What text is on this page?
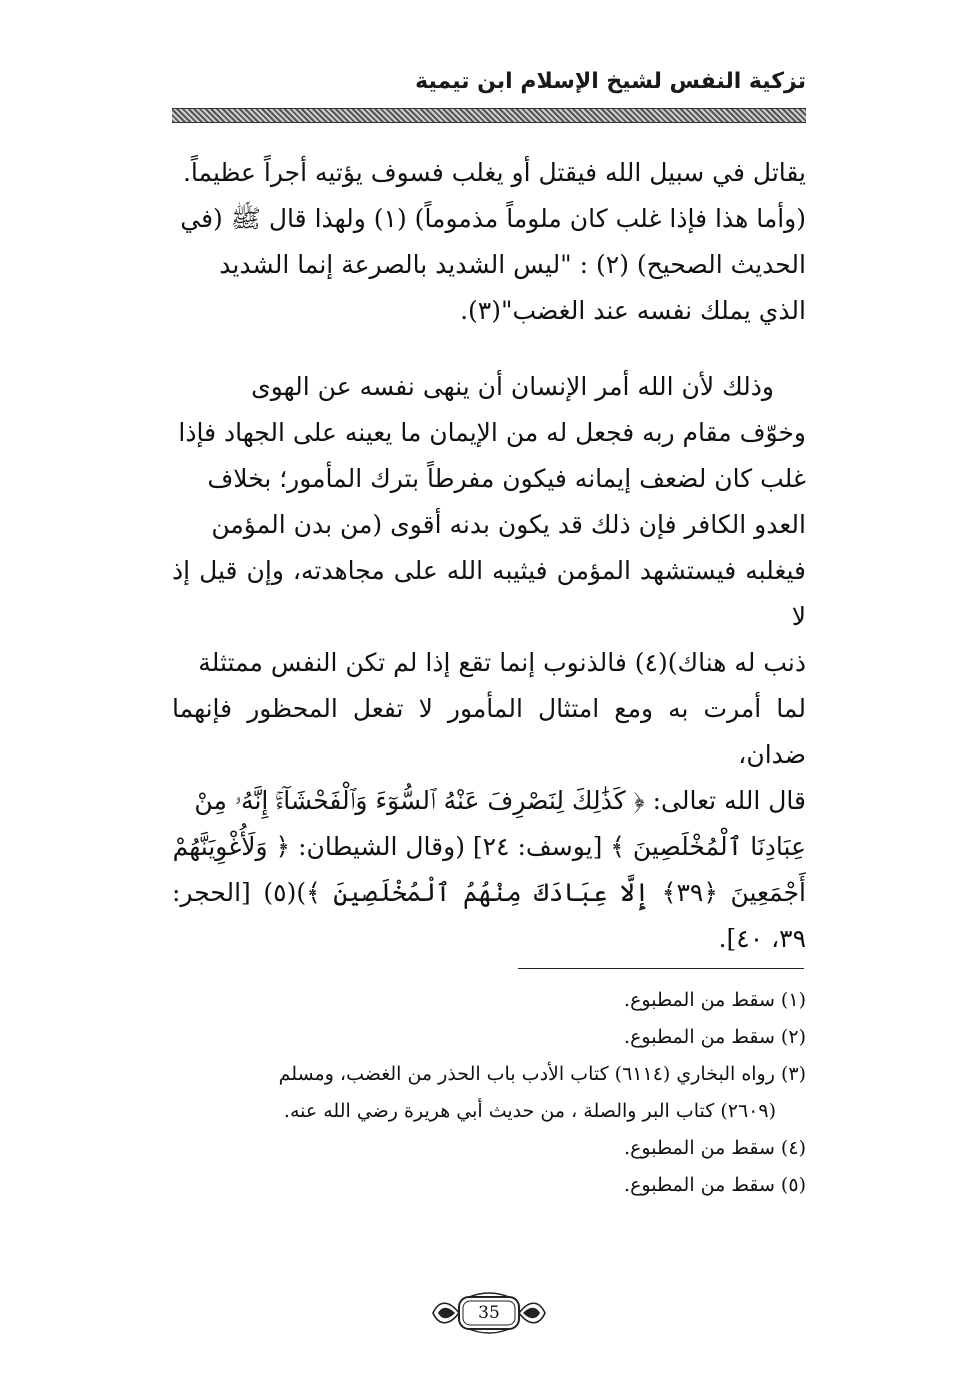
تزكية النفس لشيخ الإسلام ابن تيمية

يقاتل في سبيل الله فيقتل أو يغلب فسوف يؤتيه أجراً عظيماً.

(وأما هذا فإذا غلب كان ملوماً مذموماً) (١) ولهذا قال ﷺ (في

الحديث الصحيح) (٢) : "ليس الشديد بالصرعة إنما الشديد

الذي يملك نفسه عند الغضب"(٣).

وذلك لأن الله أمر الإنسان أن ينهى نفسه عن الهوى

وخوّف مقام ربه فجعل له من الإيمان ما يعينه على الجهاد فإذا

غلب كان لضعف إيمانه فيكون مفرطاً بترك المأمور؛ بخلاف

العدو الكافر فإن ذلك قد يكون بدنه أقوى (من بدن المؤمن

فيغلبه فيستشهد المؤمن فيثيبه الله على مجاهدته، وإن قيل إذ لا

ذنب له هناك)(٤) فالذنوب إنما تقع إذا لم تكن النفس ممتثلة

لما أمرت به ومع امتثال المأمور لا تفعل المحظور فإنهما ضدان،

قال الله تعالى: ﴿ كَذَٰلِكَ لِنَصْرِفَ عَنْهُ ٱلسُّوٓءَ وَٱلْفَحْشَآءَۚ إِنَّهُۥ مِنْ

عِبَادِنَا ٱلْمُخْلَصِينَ ﴾ [يوسف: ٢٤] (وقال الشيطان: ﴿ وَلَأُغْوِيَنَّهُمْ

أَجْمَعِينَ ﴿٣٩﴾ إِلَّا عِبَادَكَ مِنْهُمُ ٱلْمُخْلَصِينَ ﴾)(٥) [الحجر: ٣٩، ٤٠].

(١) سقط من المطبوع.

(٢) سقط من المطبوع.

(٣) رواه البخاري (٦١١٤) كتاب الأدب باب الحذر من الغضب، ومسلم

(٢٦٠٩) كتاب البر والصلة ، من حديث أبي هريرة رضي الله عنه.

(٤) سقط من المطبوع.

(٥) سقط من المطبوع.

35
